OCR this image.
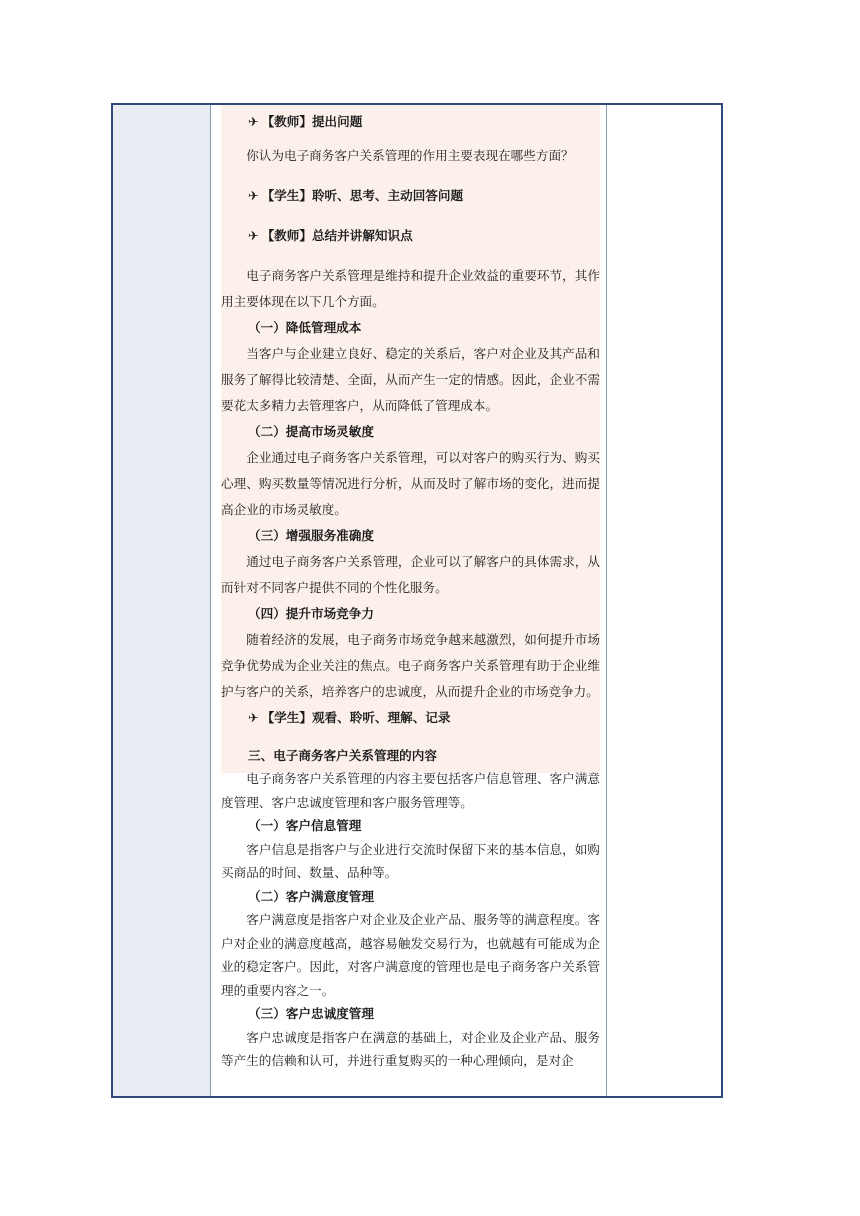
✈ 【教师】提出问题

你认为电子商务客户关系管理的作用主要表现在哪些方面？

✈ 【学生】聆听、思考、主动回答问题

✈ 【教师】总结并讲解知识点

电子商务客户关系管理是维持和提升企业效益的重要环节，其作用主要体现在以下几个方面。

（一）降低管理成本

当客户与企业建立良好、稳定的关系后，客户对企业及其产品和服务了解得比较清楚、全面，从而产生一定的情感。因此，企业不需要花太多精力去管理客户，从而降低了管理成本。

（二）提高市场灵敏度

企业通过电子商务客户关系管理，可以对客户的购买行为、购买心理、购买数量等情况进行分析，从而及时了解市场的变化，进而提高企业的市场灵敏度。

（三）增强服务准确度

通过电子商务客户关系管理，企业可以了解客户的具体需求，从而针对不同客户提供不同的个性化服务。

（四）提升市场竞争力

随着经济的发展，电子商务市场竞争越来越激烈，如何提升市场竞争优势成为企业关注的焦点。电子商务客户关系管理有助于企业维护与客户的关系，培养客户的忠诚度，从而提升企业的市场竞争力。

✈ 【学生】观看、聆听、理解、记录

三、电子商务客户关系管理的内容

电子商务客户关系管理的内容主要包括客户信息管理、客户满意度管理、客户忠诚度管理和客户服务管理等。

（一）客户信息管理

客户信息是指客户与企业进行交流时保留下来的基本信息，如购买商品的时间、数量、品种等。

（二）客户满意度管理

客户满意度是指客户对企业及企业产品、服务等的满意程度。客户对企业的满意度越高，越容易触发交易行为，也就越有可能成为企业的稳定客户。因此，对客户满意度的管理也是电子商务客户关系管理的重要内容之一。

（三）客户忠诚度管理

客户忠诚度是指客户在满意的基础上，对企业及企业产品、服务等产生的信赖和认可，并进行重复购买的一种心理倾向，是对企
